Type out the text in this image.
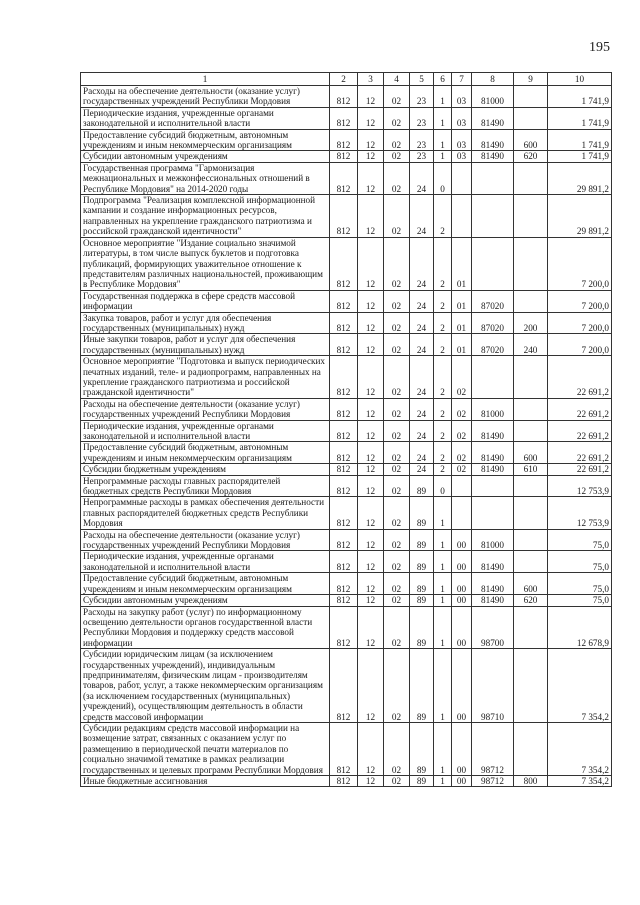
195
1	2	3	4	5	6	7	8	9	10
Расходы на обеспечение деятельности (оказание услуг) государственных учреждений Республики Мордовия	812	12	02	23	1	03	81000		1 741,9
Периодические издания, учрежденные органами законодательной и исполнительной власти	812	12	02	23	1	03	81490		1 741,9
Предоставление субсидий бюджетным, автономным учреждениям и иным некоммерческим организациям	812	12	02	23	1	03	81490	600	1 741,9
Субсидии автономным учреждениям	812	12	02	23	1	03	81490	620	1 741,9
Государственная программа "Гармонизация межнациональных и межконфессиональных отношений в Республике Мордовия" на 2014-2020 годы	812	12	02	24	0				29 891,2
Подпрограмма "Реализация комплексной информационной кампании и создание информационных ресурсов, направленных на укрепление гражданского патриотизма и российской гражданской идентичности"	812	12	02	24	2				29 891,2
Основное мероприятие "Издание социально значимой литературы, в том числе выпуск буклетов и подготовка публикаций, формирующих уважительное отношение к представителям различных национальностей, проживающим в Республике Мордовия"	812	12	02	24	2	01			7 200,0
Государственная поддержка в сфере средств массовой информации	812	12	02	24	2	01	87020		7 200,0
Закупка товаров, работ и услуг для обеспечения государственных (муниципальных) нужд	812	12	02	24	2	01	87020	200	7 200,0
Иные закупки товаров, работ и услуг для обеспечения государственных (муниципальных) нужд	812	12	02	24	2	01	87020	240	7 200,0
Основное мероприятие "Подготовка и выпуск периодических печатных изданий, теле- и радиопрограмм, направленных на укрепление гражданского патриотизма и российской гражданской идентичности"	812	12	02	24	2	02			22 691,2
Расходы на обеспечение деятельности (оказание услуг) государственных учреждений Республики Мордовия	812	12	02	24	2	02	81000		22 691,2
Периодические издания, учрежденные органами законодательной и исполнительной власти	812	12	02	24	2	02	81490		22 691,2
Предоставление субсидий бюджетным, автономным учреждениям и иным некоммерческим организациям	812	12	02	24	2	02	81490	600	22 691,2
Субсидии бюджетным учреждениям	812	12	02	24	2	02	81490	610	22 691,2
Непрограммные расходы главных распорядителей бюджетных средств Республики Мордовия	812	12	02	89	0				12 753,9
Непрограммные расходы в рамках обеспечения деятельности главных распорядителей бюджетных средств Республики Мордовия	812	12	02	89	1				12 753,9
Расходы на обеспечение деятельности (оказание услуг) государственных учреждений Республики Мордовия	812	12	02	89	1	00	81000		75,0
Периодические издания, учрежденные органами законодательной и исполнительной власти	812	12	02	89	1	00	81490		75,0
Предоставление субсидий бюджетным, автономным учреждениям и иным некоммерческим организациям	812	12	02	89	1	00	81490	600	75,0
Субсидии автономным учреждениям	812	12	02	89	1	00	81490	620	75,0
Расходы на закупку работ (услуг) по информационному освещению деятельности органов государственной власти Республики Мордовия и поддержку средств массовой информации	812	12	02	89	1	00	98700		12 678,9
Субсидии юридическим лицам (за исключением государственных учреждений), индивидуальным предпринимателям, физическим лицам - производителям товаров, работ, услуг, а также некоммерческим организациям (за исключением государственных (муниципальных) учреждений), осуществляющим деятельность в области средств массовой информации	812	12	02	89	1	00	98710		7 354,2
Субсидии редакциям средств массовой информации на возмещение затрат, связанных с оказанием услуг по размещению в периодической печати материалов по социально значимой тематике в рамках реализации государственных и целевых программ Республики Мордовия	812	12	02	89	1	00	98712		7 354,2
Иные бюджетные ассигнования	812	12	02	89	1	00	98712	800	7 354,2
